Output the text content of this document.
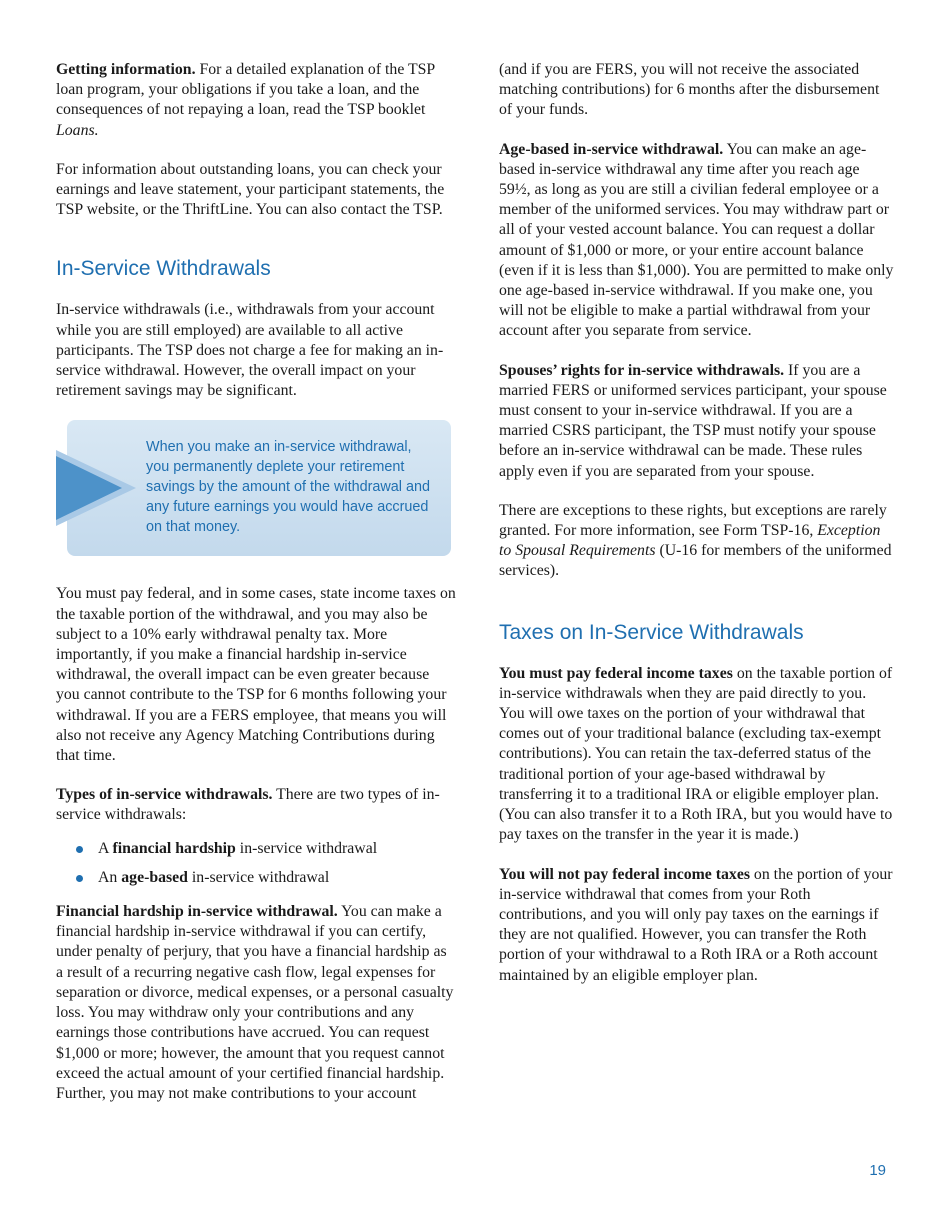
Getting information. For a detailed explanation of the TSP loan program, your obligations if you take a loan, and the consequences of not repaying a loan, read the TSP booklet Loans.

For information about outstanding loans, you can check your earnings and leave statement, your participant statements, the TSP website, or the ThriftLine. You can also contact the TSP.

In-Service Withdrawals

In-service withdrawals (i.e., withdrawals from your account while you are still employed) are available to all active participants. The TSP does not charge a fee for making an in-service withdrawal. However, the overall impact on your retirement savings may be significant.

When you make an in-service withdrawal, you permanently deplete your retirement savings by the amount of the withdrawal and any future earnings you would have accrued on that money.

You must pay federal, and in some cases, state income taxes on the taxable portion of the withdrawal, and you may also be subject to a 10% early withdrawal penalty tax. More importantly, if you make a financial hardship in-service withdrawal, the overall impact can be even greater because you cannot contribute to the TSP for 6 months following your withdrawal. If you are a FERS employee, that means you will also not receive any Agency Matching Contributions during that time.

Types of in-service withdrawals. There are two types of in-service withdrawals:

A financial hardship in-service withdrawal
An age-based in-service withdrawal

Financial hardship in-service withdrawal. You can make a financial hardship in-service withdrawal if you can certify, under penalty of perjury, that you have a financial hardship as a result of a recurring negative cash flow, legal expenses for separation or divorce, medical expenses, or a personal casualty loss. You may withdraw only your contributions and any earnings those contributions have accrued. You can request $1,000 or more; however, the amount that you request cannot exceed the actual amount of your certified financial hardship. Further, you may not make contributions to your account

(and if you are FERS, you will not receive the associated matching contributions) for 6 months after the disbursement of your funds.

Age-based in-service withdrawal. You can make an age-based in-service withdrawal any time after you reach age 59½, as long as you are still a civilian federal employee or a member of the uniformed services. You may withdraw part or all of your vested account balance. You can request a dollar amount of $1,000 or more, or your entire account balance (even if it is less than $1,000). You are permitted to make only one age-based in-service withdrawal. If you make one, you will not be eligible to make a partial withdrawal from your account after you separate from service.

Spouses’ rights for in-service withdrawals. If you are a married FERS or uniformed services participant, your spouse must consent to your in-service withdrawal. If you are a married CSRS participant, the TSP must notify your spouse before an in-service withdrawal can be made. These rules apply even if you are separated from your spouse.

There are exceptions to these rights, but exceptions are rarely granted. For more information, see Form TSP-16, Exception to Spousal Requirements (U-16 for members of the uniformed services).

Taxes on In-Service Withdrawals

You must pay federal income taxes on the taxable portion of in-service withdrawals when they are paid directly to you. You will owe taxes on the portion of your withdrawal that comes out of your traditional balance (excluding tax-exempt contributions). You can retain the tax-deferred status of the traditional portion of your age-based withdrawal by transferring it to a traditional IRA or eligible employer plan. (You can also transfer it to a Roth IRA, but you would have to pay taxes on the transfer in the year it is made.)

You will not pay federal income taxes on the portion of your in-service withdrawal that comes from your Roth contributions, and you will only pay taxes on the earnings if they are not qualified. However, you can transfer the Roth portion of your withdrawal to a Roth IRA or a Roth account maintained by an eligible employer plan.

19
